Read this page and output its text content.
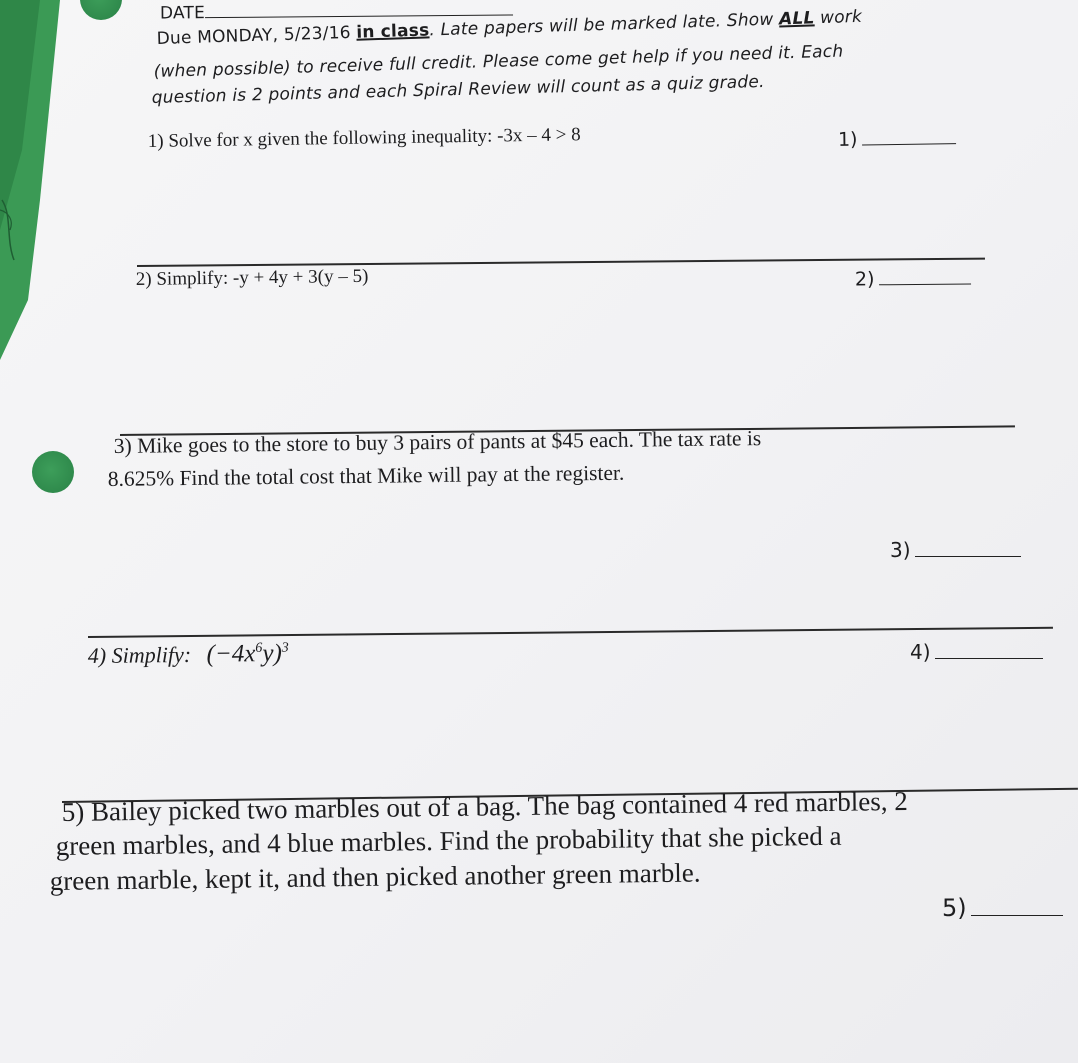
DATE
Due MONDAY, 5/23/16 in class. Late papers will be marked late. Show ALL work
(when possible) to receive full credit. Please come get help if you need it. Each
question is 2 points and each Spiral Review will count as a quiz grade.
1) Solve for x given the following inequality: -3x – 4 > 8	1)
2) Simplify: -y + 4y + 3(y – 5)	2)
3) Mike goes to the store to buy 3 pairs of pants at $45 each. The tax rate is
8.625% Find the total cost that Mike will pay at the register.
3)
4) Simplify: $(-4x^6y)^3$	4)
5) Bailey picked two marbles out of a bag. The bag contained 4 red marbles, 2
green marbles, and 4 blue marbles. Find the probability that she picked a
green marble, kept it, and then picked another green marble.
5)
